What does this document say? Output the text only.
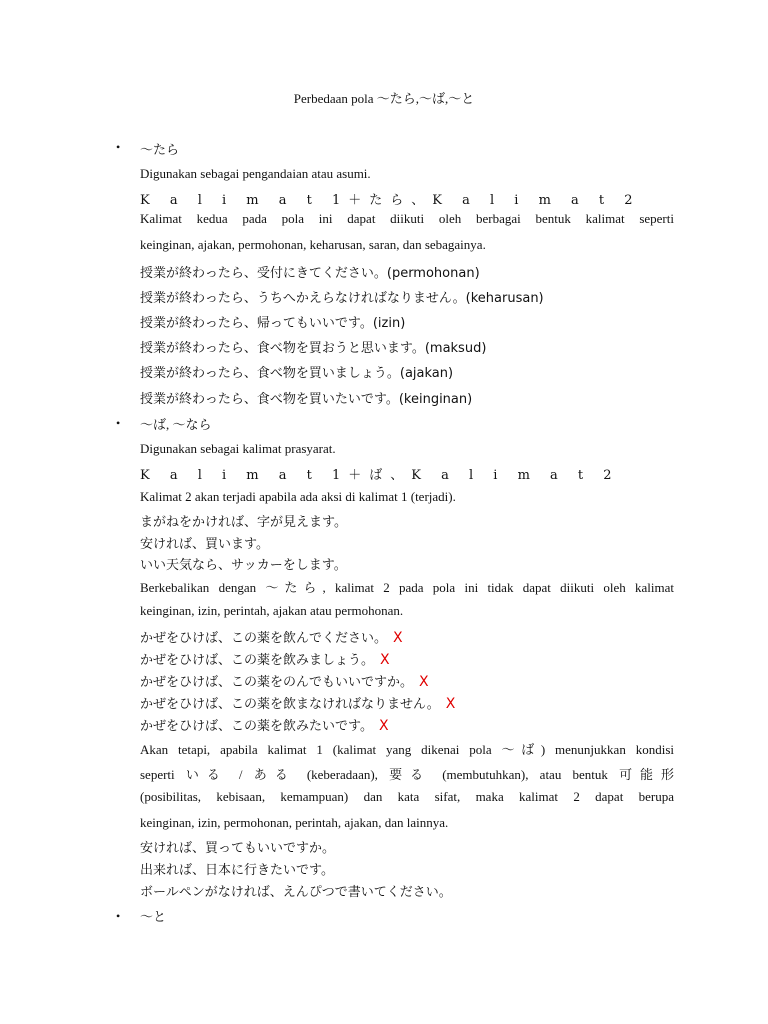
Perbedaan pola 〜たら,〜ば,〜と
• 〜たら
Digunakan sebagai pengandaian atau asumi.
K a l i m a t 1＋たら、K a l i m a t 2
Kalimat kedua pada pola ini dapat diikuti oleh berbagai bentuk kalimat seperti
keinginan, ajakan, permohonan, keharusan, saran, dan sebagainya.
授業が終わったら、受付にきてください。(permohonan)
授業が終わったら、うちへかえらなければなりません。(keharusan)
授業が終わったら、帰ってもいいです。(izin)
授業が終わったら、食べ物を買おうと思います。(maksud)
授業が終わったら、食べ物を買いましょう。(ajakan)
授業が終わったら、食べ物を買いたいです。(keinginan)
• 〜ば, 〜なら
Digunakan sebagai kalimat prasyarat.
K a l i m a t 1＋ば、K a l i m a t 2
Kalimat 2 akan terjadi apabila ada aksi di kalimat 1 (terjadi).
まがねをかければ、字が見えます。
安ければ、買います。
いい天気なら、サッカーをします。
Berkebalikan dengan 〜たら, kalimat 2 pada pola ini tidak dapat diikuti oleh kalimat
keinginan, izin, perintah, ajakan atau permohonan.
かぜをひけば、この薬を飲んでください。 X
かぜをひけば、この薬を飲みましょう。 X
かぜをひけば、この薬をのんでもいいですか。 X
かぜをひけば、この薬を飲まなければなりません。 X
かぜをひけば、この薬を飲みたいです。 X
Akan tetapi, apabila kalimat 1 (kalimat yang dikenai pola 〜ば) menunjukkan kondisi
seperti いる / ある (keberadaan), 要る (membutuhkan), atau bentuk 可能形
(posibilitas, kebisaan, kemampuan) dan kata sifat, maka kalimat 2 dapat berupa
keinginan, izin, permohonan, perintah, ajakan, dan lainnya.
安ければ、買ってもいいですか。
出来れば、日本に行きたいです。
ボールペンがなければ、えんぴつで書いてください。
• 〜と
